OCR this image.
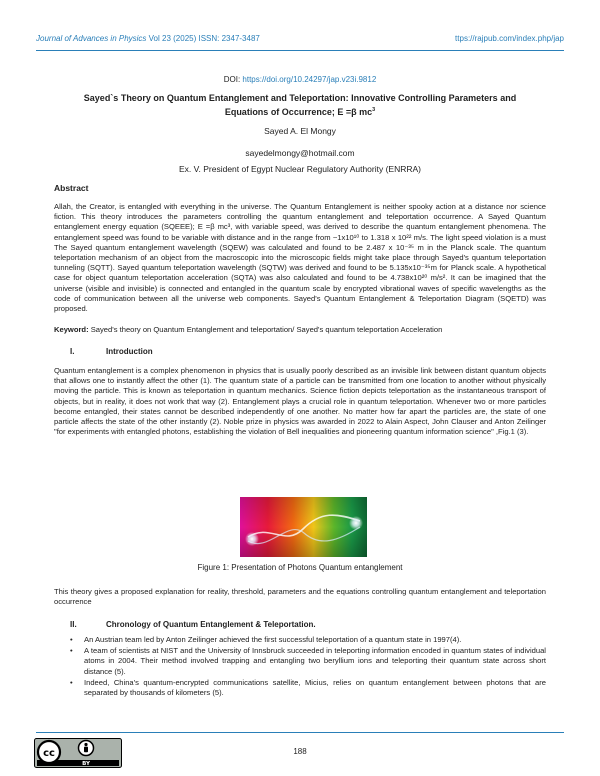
Journal of Advances in Physics Vol 23 (2025) ISSN: 2347-3487	ttps://rajpub.com/index.php/jap
DOI: https://doi.org/10.24297/jap.v23i.9812
Sayed`s Theory on Quantum Entanglement and Teleportation: Innovative Controlling Parameters and Equations of Occurrence; E =β $mc^3$
Sayed A. El Mongy
sayedelmongy@hotmail.com
Ex. V. President of Egypt Nuclear Regulatory Authority (ENRRA)
Abstract

Allah, the Creator, is entangled with everything in the universe. The Quantum Entanglement is neither spooky action at a distance nor science fiction. This theory introduces the parameters controlling the quantum entanglement and teleportation occurrence. A Sayed Quantum entanglement energy equation (SQEEE); E =β mc³, with variable speed, was derived to describe the quantum entanglement phenomena. The entanglement speed was found to be variable with distance and in the range from ~1x10¹⁰ to 1.318 x 10²² m/s. The light speed violation is a must The Sayed quantum entanglement wavelength (SQEW) was calculated and found to be 2.487 x 10⁻³⁵ m in the Planck scale. The quantum teleportation mechanism of an object from the macroscopic into the microscopic fields might take place through Sayed's quantum teleportation tunneling (SQTT). Sayed quantum teleportation wavelength (SQTW) was derived and found to be 5.135x10⁻³⁵m for Planck scale. A hypothetical case for object quantum teleportation acceleration (SQTA) was also calculated and found to be 4.738x10²⁰ m/s². It can be imagined that the universe (visible and invisible) is connected and entangled in the quantum scale by encrypted vibrational waves of specific wavelengths as the code of communication between all the universe web components. Sayed's Quantum Entanglement & Teleportation Diagram (SQETD) was proposed.

Keyword: Sayed's theory on Quantum Entanglement and teleportation/ Sayed's quantum teleportation Acceleration
I.	Introduction

Quantum entanglement is a complex phenomenon in physics that is usually poorly described as an invisible link between distant quantum objects that allows one to instantly affect the other (1). The quantum state of a particle can be transmitted from one location to another without physically moving the particle. This is known as teleportation in quantum mechanics. Science fiction depicts teleportation as the instantaneous transport of objects, but in reality, it does not work that way (2). Entanglement plays a crucial role in quantum teleportation. Whenever two or more particles become entangled, their states cannot be described independently of one another. No matter how far apart the particles are, the state of one particle affects the state of the other instantly (2). Noble prize in physics was awarded in 2022 to Alain Aspect, John Clauser and Anton Zeilinger "for experiments with entangled photons, establishing the violation of Bell inequalities and pioneering quantum information science" ,Fig.1 (3).

Figure 1: Presentation of Photons Quantum entanglement

This theory gives a proposed explanation for reality, threshold, parameters and the equations controlling quantum entanglement and teleportation occurrence

II.	Chronology of Quantum Entanglement & Teleportation.
• An Austrian team led by Anton Zeilinger achieved the first successful teleportation of a quantum state in 1997(4).
• A team of scientists at NIST and the University of Innsbruck succeeded in teleporting information encoded in quantum states of individual atoms in 2004. Their method involved trapping and entangling two beryllium ions and teleporting their quantum state across short distance (5).
• Indeed, China's quantum-encrypted communications satellite, Micius, relies on quantum entanglement between photons that are separated by thousands of kilometers (5).
cc
BY
188
